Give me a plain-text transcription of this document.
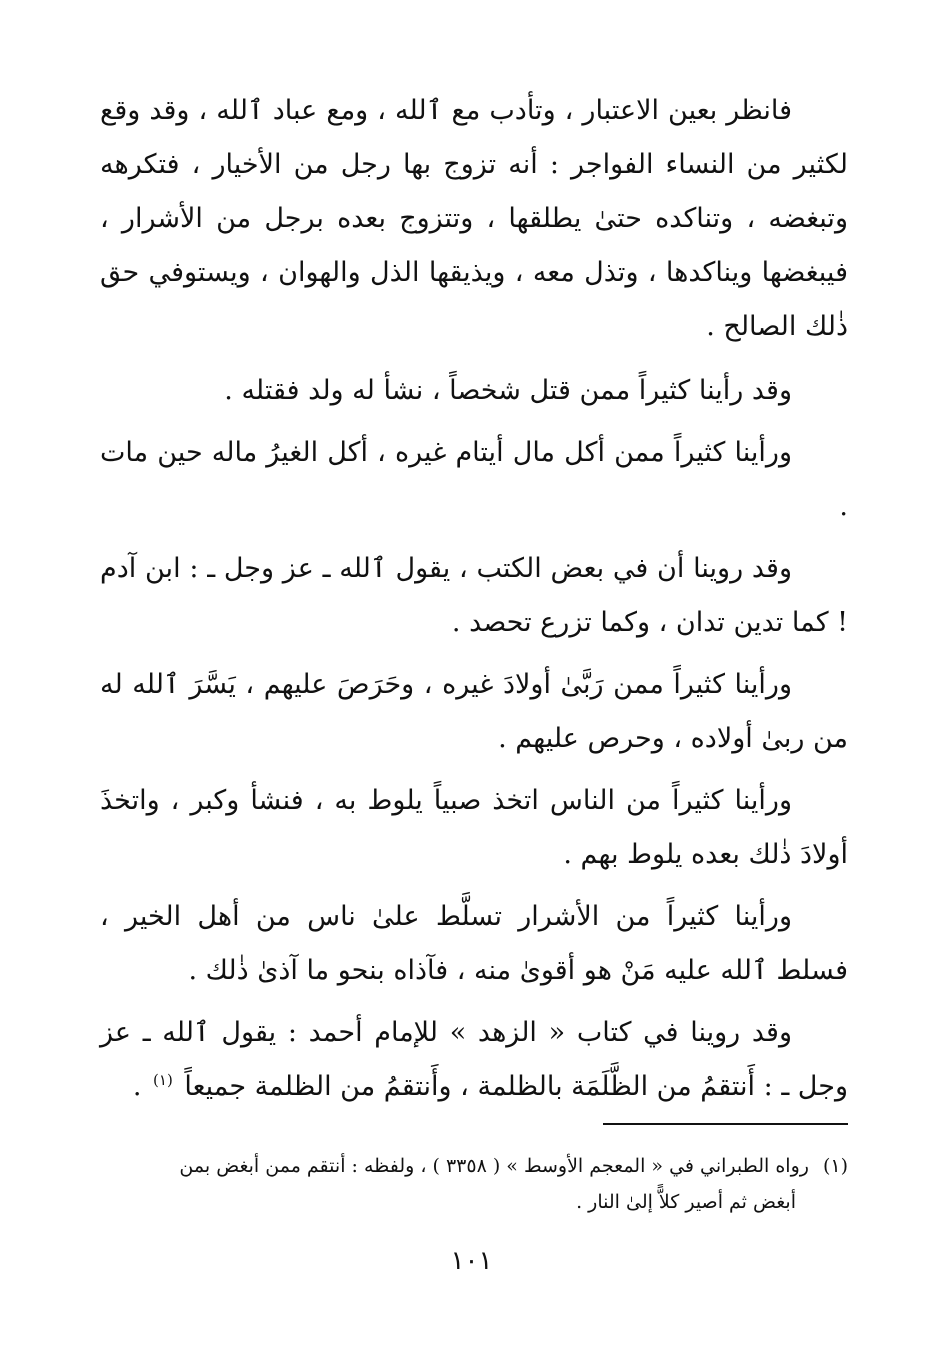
فانظر بعين الاعتبار ، وتأدب مع ٱلله ، ومع عباد ٱلله ، وقد وقع لكثير من النساء الفواجر : أنه تزوج بها رجل من الأخيار ، فتكرهه وتبغضه ، وتناكده حتىٰ يطلقها ، وتتزوج بعده برجل من الأشرار ، فيبغضها ويناكدها ، وتذل معه ، ويذيقها الذل والهوان ، ويستوفي حق ذٰلك الصالح .

وقد رأينا كثيراً ممن قتل شخصاً ، نشأ له ولد فقتله .

ورأينا كثيراً ممن أكل مال أيتام غيره ، أكل الغيرُ ماله حين مات .

وقد روينا أن في بعض الكتب ، يقول ٱلله ـ عز وجل ـ : ابن آدم ! كما تدين تدان ، وكما تزرع تحصد .

ورأينا كثيراً ممن رَبَّىٰ أولادَ غيره ، وحَرَصَ عليهم ، يَسَّرَ ٱلله له من ربىٰ أولاده ، وحرص عليهم .

ورأينا كثيراً من الناس اتخذ صبياً يلوط به ، فنشأ وكبر ، واتخذَ أولادَ ذٰلك بعده يلوط بهم .

ورأينا كثيراً من الأشرار تسلَّط علىٰ ناس من أهل الخير ، فسلط ٱلله عليه مَنْ هو أقوىٰ منه ، فآذاه بنحو ما آذىٰ ذٰلك .

وقد روينا في كتاب « الزهد » للإمام أحمد : يقول ٱلله ـ عز وجل ـ : أَنتقمُ من الظَّلَمَة بالظلمة ، وأَنتقمُ من الظلمة جميعاً $^{(١)}$ .

(١)رواه الطبراني في « المعجم الأوسط » ( ٣٣٥٨ ) ، ولفظه : أنتقم ممن أبغض بمن
أبغض ثم أصير كلاًّ إلىٰ النار .
١٠١
